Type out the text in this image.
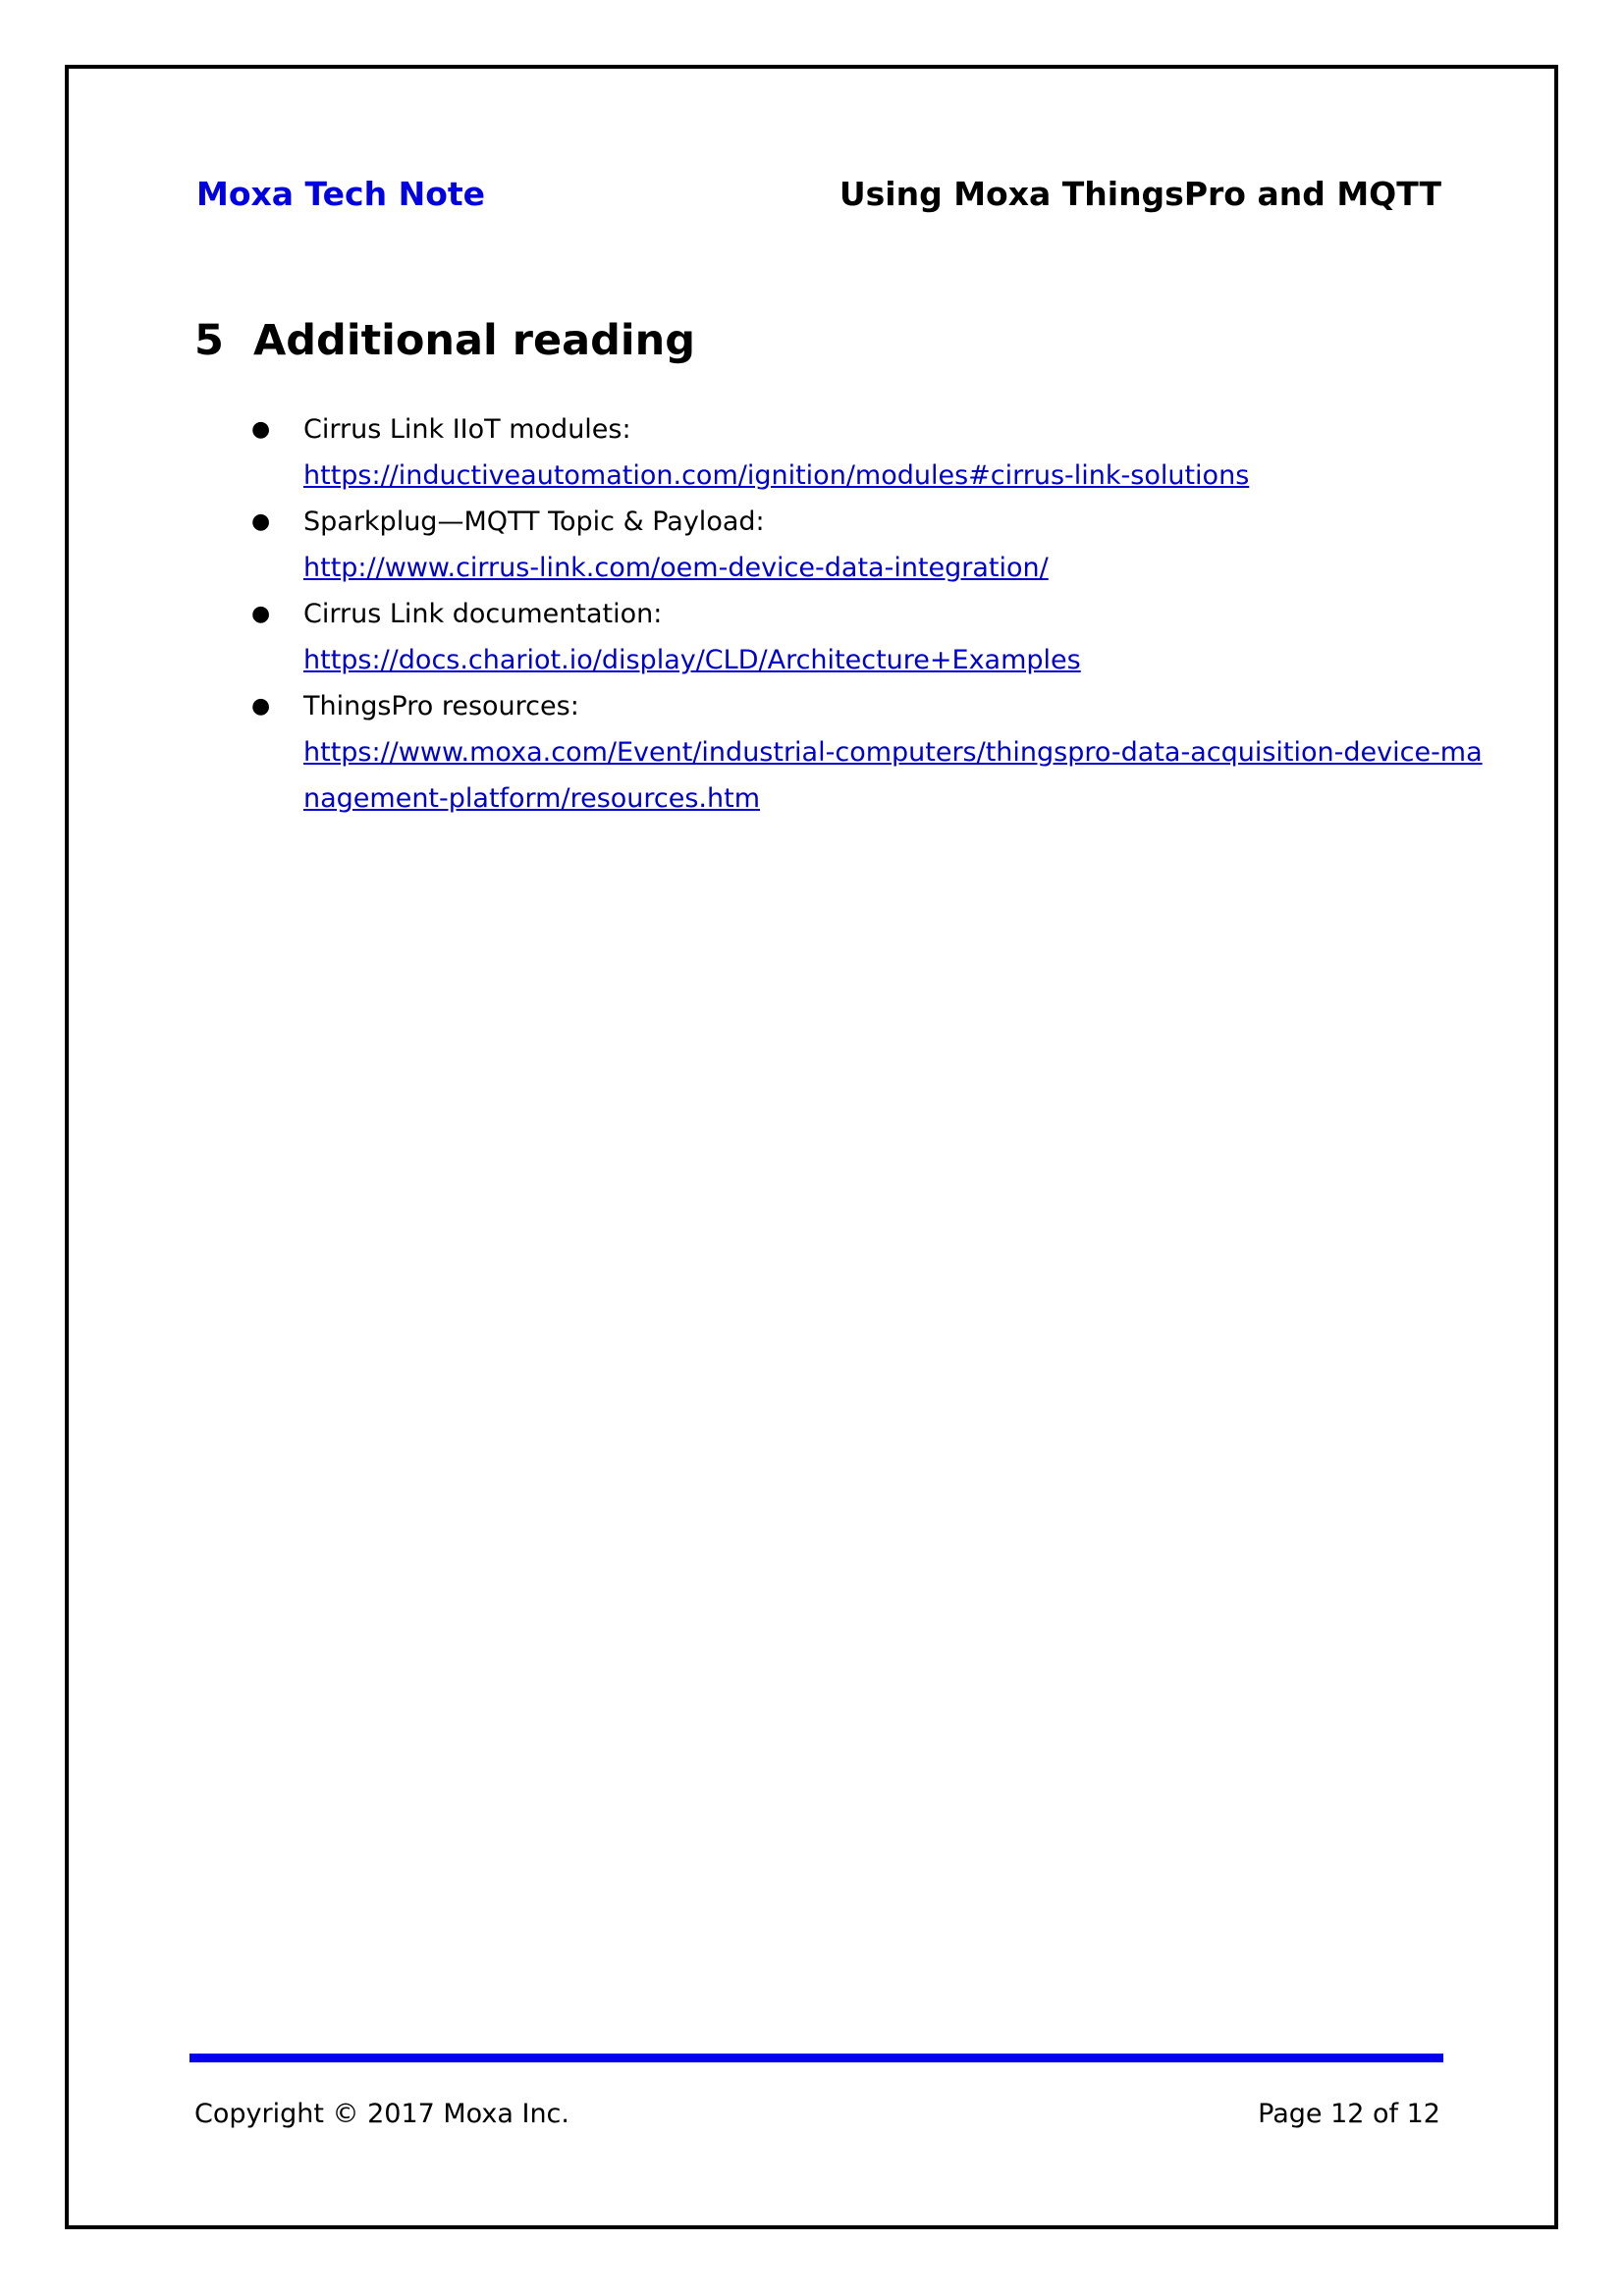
Moxa Tech Note	Using Moxa ThingsPro and MQTT
5 Additional reading
● Cirrus Link IIoT modules:
https://inductiveautomation.com/ignition/modules#cirrus-link-solutions
● Sparkplug—MQTT Topic & Payload:
http://www.cirrus-link.com/oem-device-data-integration/
● Cirrus Link documentation:
https://docs.chariot.io/display/CLD/Architecture+Examples
● ThingsPro resources:
https://www.moxa.com/Event/industrial-computers/thingspro-data-acquisition-device-ma
nagement-platform/resources.htm
Copyright © 2017 Moxa Inc.	Page 12 of 12
